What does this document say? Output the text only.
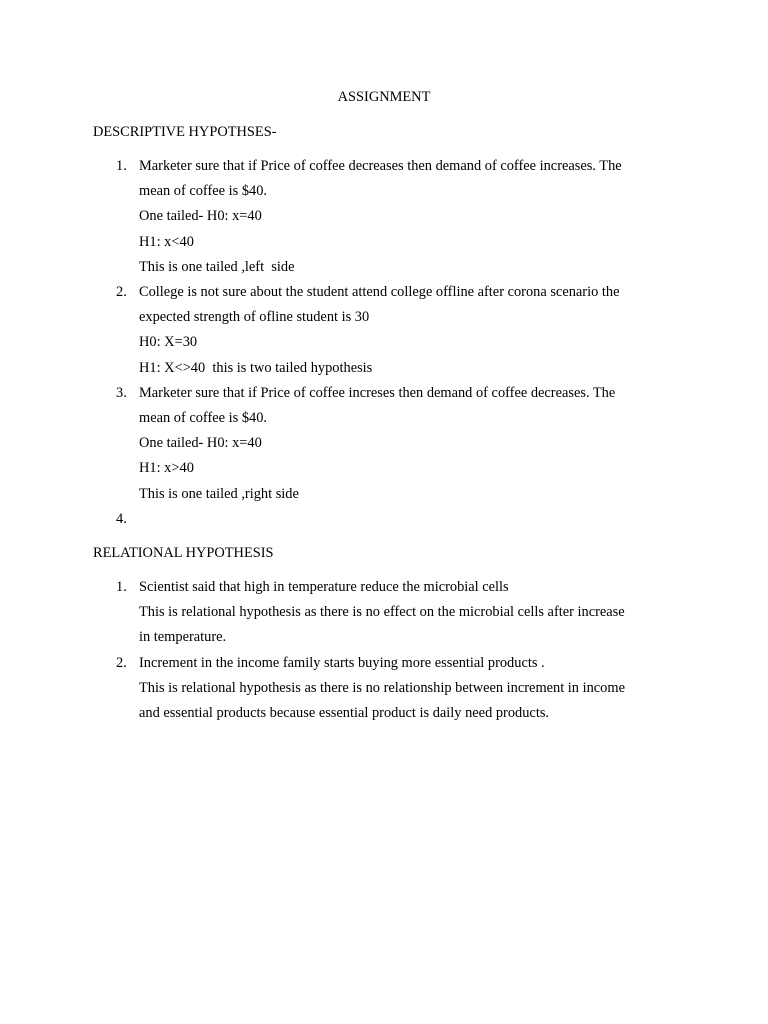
ASSIGNMENT
DESCRIPTIVE HYPOTHSES-
1. Marketer sure that if Price of coffee decreases then demand of coffee increases. The
mean of coffee is $40.
One tailed- H0: x=40
H1: x<40
This is one tailed ,left  side
2. College is not sure about the student attend college offline after corona scenario the
expected strength of ofline student is 30
H0: X=30
H1: X<>40  this is two tailed hypothesis
3. Marketer sure that if Price of coffee increses then demand of coffee decreases. The
mean of coffee is $40.
One tailed- H0: x=40
H1: x>40
This is one tailed ,right side
4.

RELATIONAL HYPOTHESIS
1. Scientist said that high in temperature reduce the microbial cells
This is relational hypothesis as there is no effect on the microbial cells after increase
in temperature.
2. Increment in the income family starts buying more essential products .
This is relational hypothesis as there is no relationship between increment in income
and essential products because essential product is daily need products.
